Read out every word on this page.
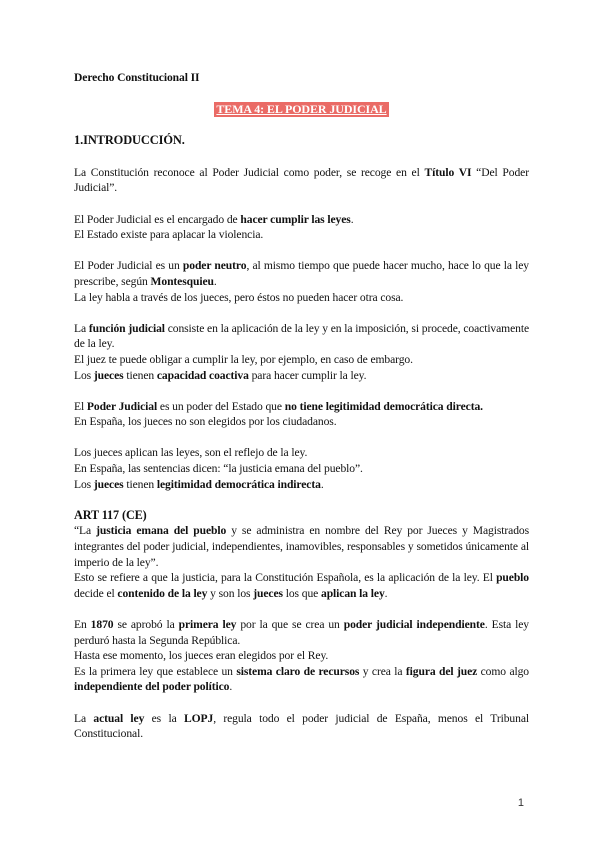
Derecho Constitucional II

TEMA 4: EL PODER JUDICIAL

1.INTRODUCCIÓN.

La Constitución reconoce al Poder Judicial como poder, se recoge en el Título VI “Del Poder Judicial”.

El Poder Judicial es el encargado de hacer cumplir las leyes.

El Estado existe para aplacar la violencia.

El Poder Judicial es un poder neutro, al mismo tiempo que puede hacer mucho, hace lo que la ley prescribe, según Montesquieu.

La ley habla a través de los jueces, pero éstos no pueden hacer otra cosa.

La función judicial consiste en la aplicación de la ley y en la imposición, si procede, coactivamente de la ley.

El juez te puede obligar a cumplir la ley, por ejemplo, en caso de embargo.

Los jueces tienen capacidad coactiva para hacer cumplir la ley.

El Poder Judicial es un poder del Estado que no tiene legitimidad democrática directa.

En España, los jueces no son elegidos por los ciudadanos.

Los jueces aplican las leyes, son el reflejo de la ley.

En España, las sentencias dicen: “la justicia emana del pueblo”.

Los jueces tienen legitimidad democrática indirecta.

ART 117 (CE)

“La justicia emana del pueblo y se administra en nombre del Rey por Jueces y Magistrados integrantes del poder judicial, independientes, inamovibles, responsables y sometidos únicamente al imperio de la ley”.

Esto se refiere a que la justicia, para la Constitución Española, es la aplicación de la ley. El pueblo decide el contenido de la ley y son los jueces los que aplican la ley.

En 1870 se aprobó la primera ley por la que se crea un poder judicial independiente. Esta ley perduró hasta la Segunda República.

Hasta ese momento, los jueces eran elegidos por el Rey.

Es la primera ley que establece un sistema claro de recursos y crea la figura del juez como algo independiente del poder político.

La actual ley es la LOPJ, regula todo el poder judicial de España, menos el Tribunal Constitucional.

1
